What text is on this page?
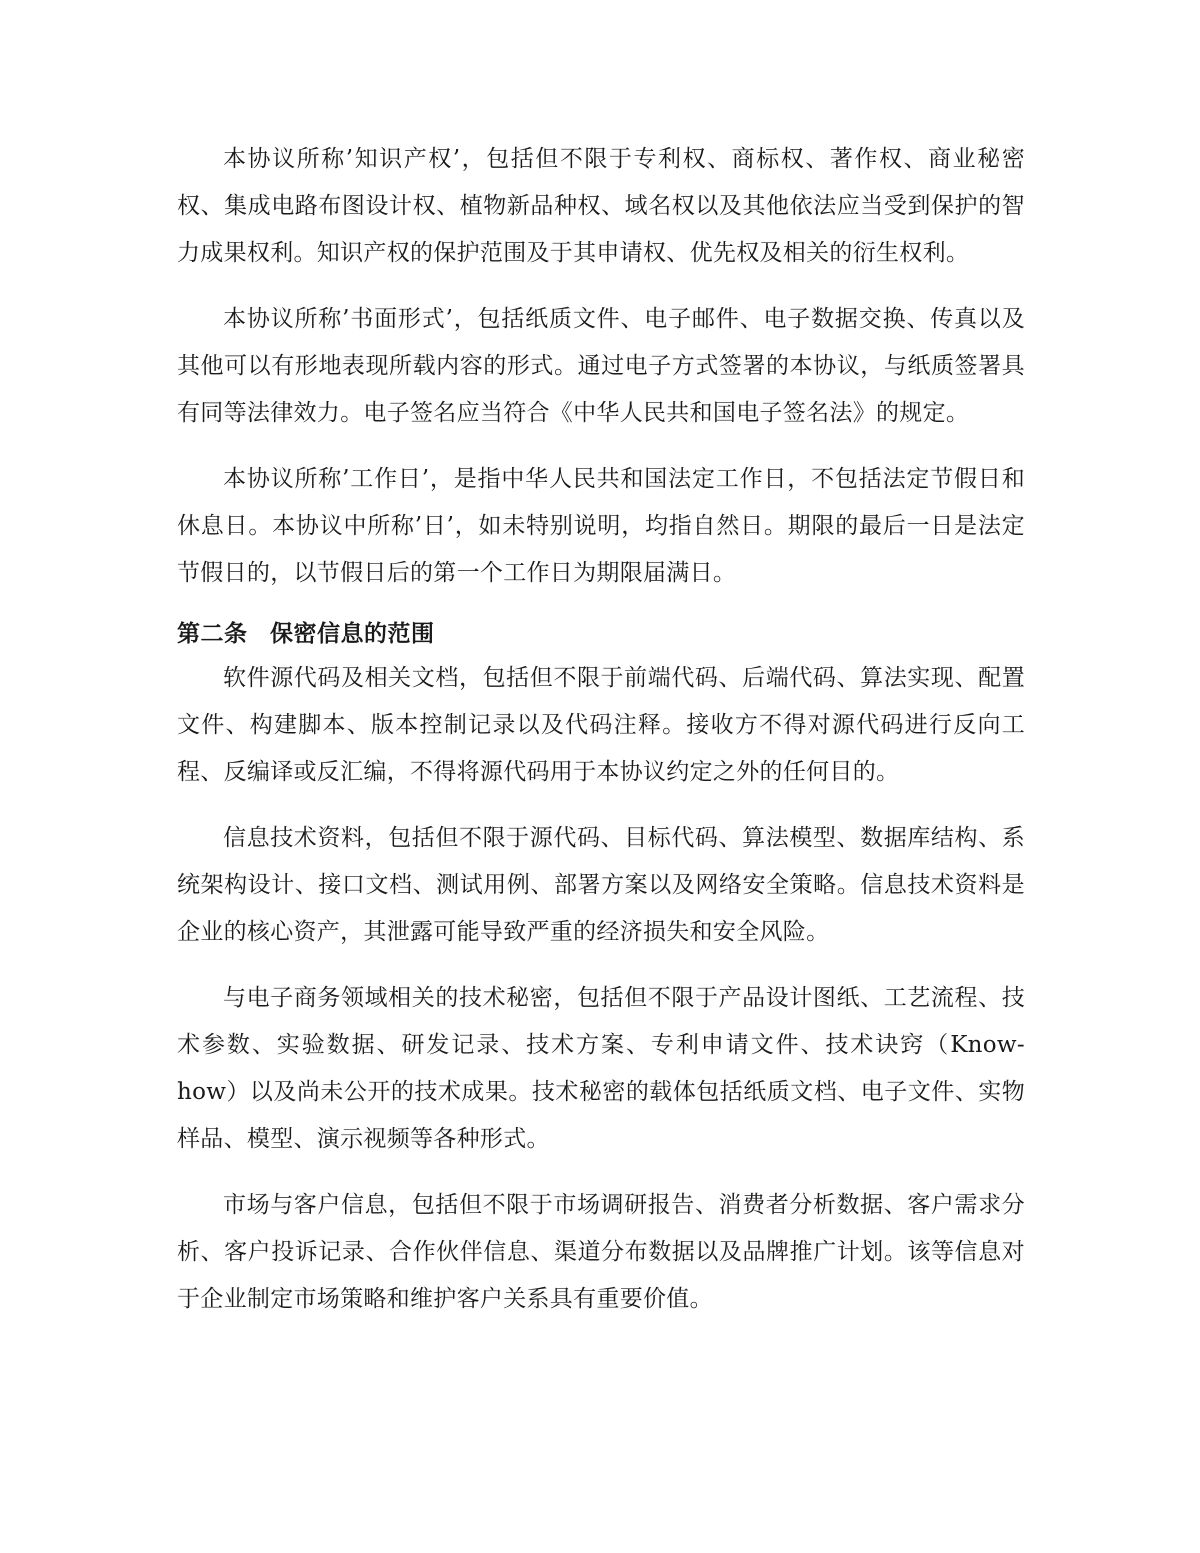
本协议所称’知识产权’，包括但不限于专利权、商标权、著作权、商业秘密权、集成电路布图设计权、植物新品种权、域名权以及其他依法应当受到保护的智力成果权利。知识产权的保护范围及于其申请权、优先权及相关的衍生权利。

本协议所称’书面形式’，包括纸质文件、电子邮件、电子数据交换、传真以及其他可以有形地表现所载内容的形式。通过电子方式签署的本协议，与纸质签署具有同等法律效力。电子签名应当符合《中华人民共和国电子签名法》的规定。

本协议所称’工作日’，是指中华人民共和国法定工作日，不包括法定节假日和休息日。本协议中所称’日’，如未特别说明，均指自然日。期限的最后一日是法定节假日的，以节假日后的第一个工作日为期限届满日。

第二条 保密信息的范围

软件源代码及相关文档，包括但不限于前端代码、后端代码、算法实现、配置文件、构建脚本、版本控制记录以及代码注释。接收方不得对源代码进行反向工程、反编译或反汇编，不得将源代码用于本协议约定之外的任何目的。

信息技术资料，包括但不限于源代码、目标代码、算法模型、数据库结构、系统架构设计、接口文档、测试用例、部署方案以及网络安全策略。信息技术资料是企业的核心资产，其泄露可能导致严重的经济损失和安全风险。

与电子商务领域相关的技术秘密，包括但不限于产品设计图纸、工艺流程、技术参数、实验数据、研发记录、技术方案、专利申请文件、技术诀窍（Know-how）以及尚未公开的技术成果。技术秘密的载体包括纸质文档、电子文件、实物样品、模型、演示视频等各种形式。

市场与客户信息，包括但不限于市场调研报告、消费者分析数据、客户需求分析、客户投诉记录、合作伙伴信息、渠道分布数据以及品牌推广计划。该等信息对于企业制定市场策略和维护客户关系具有重要价值。
